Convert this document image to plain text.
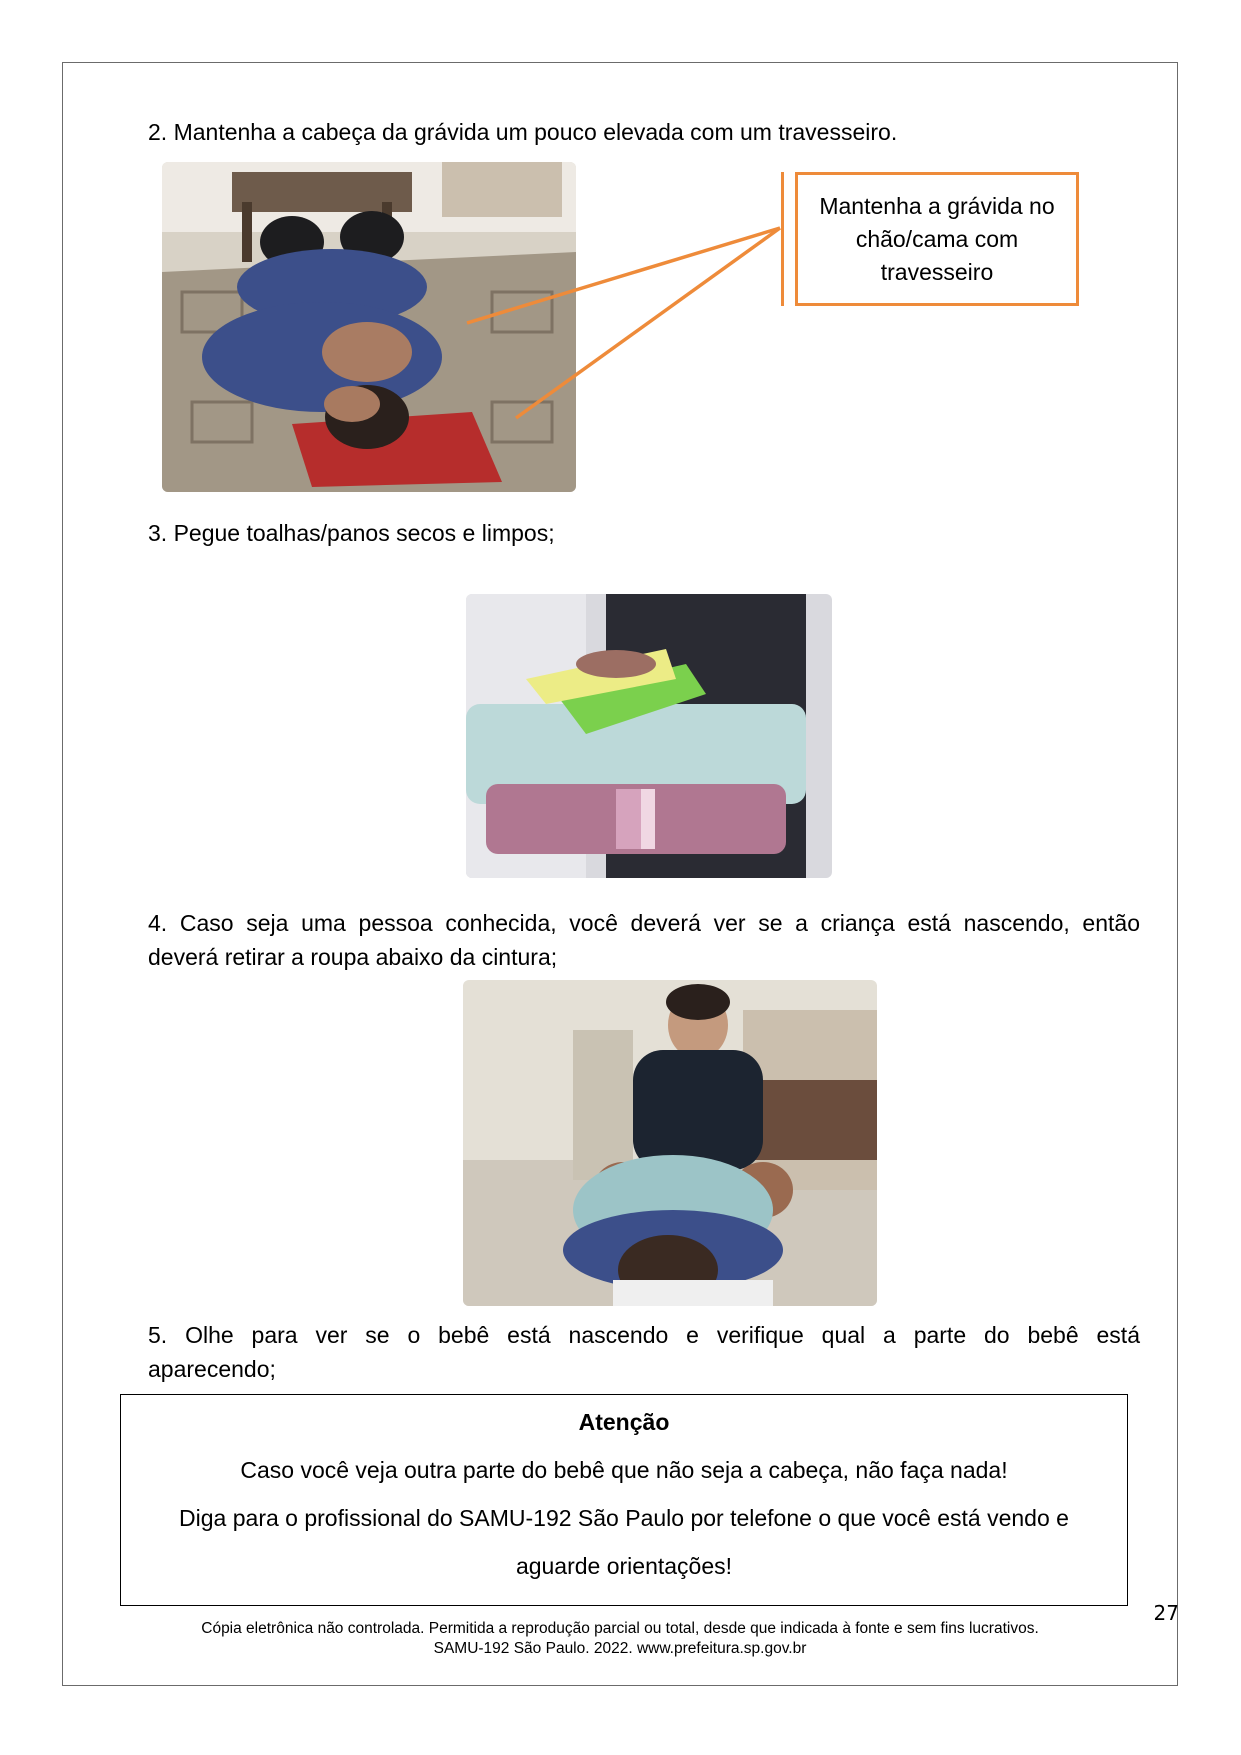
2. Mantenha a cabeça da grávida um pouco elevada com um travesseiro.
Mantenha a grávida no chão/cama com travesseiro
3. Pegue toalhas/panos secos e limpos;
4. Caso seja uma pessoa conhecida, você deverá ver se a criança está nascendo, então
deverá retirar a roupa abaixo da cintura;
5. Olhe para ver se o bebê está nascendo e verifique qual a parte do bebê está
aparecendo;
Atenção
Caso você veja outra parte do bebê que não seja a cabeça, não faça nada!
Diga para o profissional do SAMU-192 São Paulo por telefone o que você está vendo e
aguarde orientações!
27
Cópia eletrônica não controlada. Permitida a reprodução parcial ou total, desde que indicada à fonte e sem fins lucrativos.
SAMU-192 São Paulo. 2022. www.prefeitura.sp.gov.br
